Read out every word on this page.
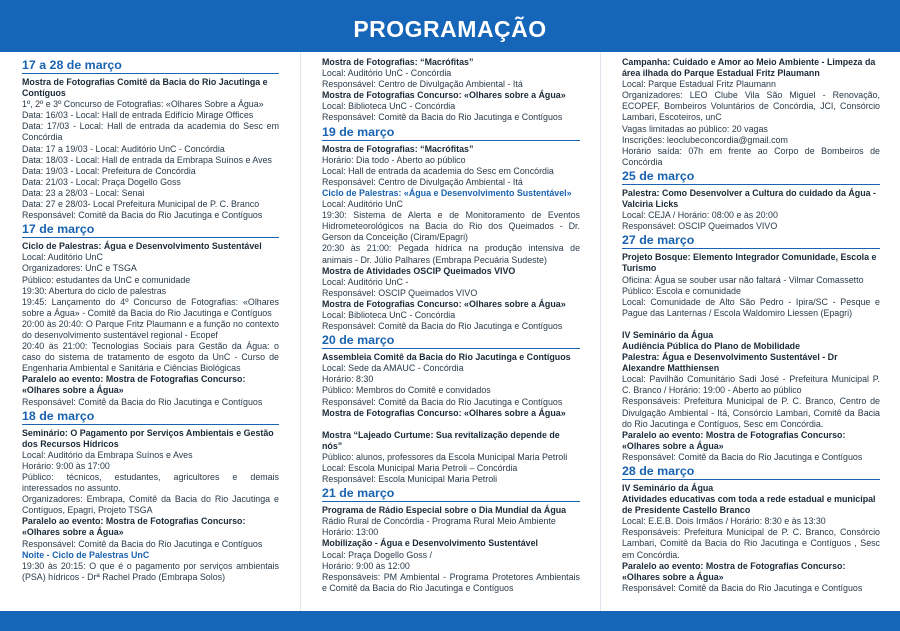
PROGRAMAÇÃO
17 a 28 de março
Mostra de Fotografias Comitê da Bacia do Rio Jacutinga e Contíguos
1º, 2º e 3º Concurso de Fotografias: «Olhares Sobre a Água»
Data: 16/03 - Local: Hall de entrada Edifício Mirage Offices
Data: 17/03 - Local: Hall de entrada da academia do Sesc em Concórdia
Data: 17 a 19/03 - Local: Auditório UnC - Concórdia
Data: 18/03 - Local: Hall de entrada da Embrapa Suínos e Aves
Data: 19/03 - Local: Prefeitura de Concórdia
Data: 21/03 - Local: Praça Dogello Goss
Data: 23 a 28/03 - Local: Senai
Data: 27 e 28/03- Local Prefeitura Municipal de P. C. Branco
Responsável: Comitê da Bacia do Rio Jacutinga e Contíguos
17 de março
Ciclo de Palestras: Água e Desenvolvimento Sustentável
Local: Auditório UnC
Organizadores: UnC e TSGA
Público: estudantes da UnC e comunidade
19:30: Abertura do ciclo de palestras
19:45: Lançamento do 4º Concurso de Fotografias: «Olhares sobre a Água» - Comitê da Bacia do Rio Jacutinga e Contíguos
20:00 às 20:40: O Parque Fritz Plaumann e a função no contexto do desenvolvimento sustentável regional - Ecopef
20:40 às 21:00: Tecnologias Sociais para Gestão da Água: o caso do sistema de tratamento de esgoto da UnC - Curso de Engenharia Ambiental e Sanitária e Ciências Biológicas
Paralelo ao evento: Mostra de Fotografias Concurso: «Olhares sobre a Água»
Responsável: Comitê da Bacia do Rio Jacutinga e Contíguos
18 de março
Seminário: O Pagamento por Serviços Ambientais e Gestão dos Recursos Hídricos
Local: Auditório da Embrapa Suínos e Aves
Horário: 9:00 às 17:00
Público: técnicos, estudantes, agricultores e demais interessados no assunto.
Organizadores: Embrapa, Comitê da Bacia do Rio Jacutinga e Contíguos, Epagri, Projeto TSGA
Paralelo ao evento: Mostra de Fotografias Concurso: «Olhares sobre a Água»
Responsável: Comitê da Bacia do Rio Jacutinga e Contíguos
Noite - Ciclo de Palestras UnC
19:30 às 20:15: O que é o pagamento por serviços ambientais (PSA) hídricos - Drª Rachel Prado (Embrapa Solos)
Mostra de Fotografias: “Macrófitas”
Local: Auditório UnC - Concórdia
Responsável: Centro de Divulgação Ambiental - Itá
Mostra de Fotografias Concurso: «Olhares sobre a Água»
Local: Biblioteca UnC - Concórdia
Responsável: Comitê da Bacia do Rio Jacutinga e Contíguos
19 de março
Mostra de Fotografias: “Macrófitas”
Horário: Dia todo - Aberto ao público
Local: Hall de entrada da academia do Sesc em Concórdia
Responsável: Centro de Divulgação Ambiental - Itá
Ciclo de Palestras: «Água e Desenvolvimento Sustentável»
Local: Auditório UnC
19:30: Sistema de Alerta e de Monitoramento de Eventos Hidrometeorológicos na Bacia do Rio dos Queimados - Dr. Gerson da Conceição (Ciram/Epagri)
20:30 às 21:00: Pegada hídrica na produção intensiva de animais - Dr. Júlio Palhares (Embrapa Pecuária Sudeste)
Mostra de Atividades OSCIP Queimados VIVO
Local: Auditório UnC -
Responsável: OSCIP Queimados VIVO
Mostra de Fotografias Concurso: «Olhares sobre a Água»
Local: Biblioteca UnC - Concórdia
Responsável: Comitê da Bacia do Rio Jacutinga e Contíguos
20 de março
Assembleia Comitê da Bacia do Rio Jacutinga e Contíguos
Local: Sede da AMAUC - Concórdia
Horário: 8:30
Público: Membros do Comitê e convidados
Responsável: Comitê da Bacia do Rio Jacutinga e Contíguos
Mostra de Fotografias Concurso: «Olhares sobre a Água»
Mostra “Lajeado Curtume: Sua revitalização depende de nós”
Público: alunos, professores da Escola Municipal Maria Petroli
Local: Escola Municipal Maria Petroli – Concórdia
Responsável: Escola Municipal Maria Petroli
21 de março
Programa de Rádio Especial sobre o Dia Mundial da Água
Rádio Rural de Concórdia - Programa Rural Meio Ambiente
Horário: 13:00
Mobilização - Água e Desenvolvimento Sustentável
Local: Praça Dogello Goss /
Horário: 9:00 às 12:00
Responsáveis: PM Ambiental - Programa Protetores Ambientais e Comitê da Bacia do Rio Jacutinga e Contíguos
Campanha: Cuidado e Amor ao Meio Ambiente - Limpeza da área ilhada do Parque Estadual Fritz Plaumann
Local: Parque Estadual Fritz Plaumann
Organizadores: LEO Clube Vila São Miguel - Renovação, ECOPEF, Bombeiros Voluntários de Concórdia, JCI, Consórcio Lambari, Escoteiros, unC
Vagas limitadas ao público: 20 vagas
Inscrições: leoclubeconcordia@gmail.com
Horário saída: 07h em frente ao Corpo de Bombeiros de Concórdia
25 de março
Palestra: Como Desenvolver a Cultura do cuidado da Água - Valciria Licks
Local: CEJA / Horário: 08:00 e às 20:00
Responsável: OSCIP Queimados VIVO
27 de março
Projeto Bosque: Elemento Integrador Comunidade, Escola e Turismo
Oficina: Água se souber usar não faltará - Vilmar Comassetto
Público: Escola e comunidade
Local: Comunidade de Alto São Pedro - Ipira/SC - Pesque e Pague das Lanternas / Escola Waldomiro Liessen (Epagri)
IV Seminário da Água
Audiência Pública do Plano de Mobilidade
Palestra: Água e Desenvolvimento Sustentável - Dr Alexandre Matthiensen
Local: Pavilhão Comunitário Sadi José - Prefeitura Municipal P. C. Branco / Horário: 19:00 - Aberto ao público
Responsáveis: Prefeitura Municipal de P. C. Branco, Centro de Divulgação Ambiental - Itá, Consórcio Lambari, Comitê da Bacia do Rio Jacutinga e Contíguos, Sesc em Concórdia.
Paralelo ao evento: Mostra de Fotografias Concurso: «Olhares sobre a Água»
Responsável: Comitê da Bacia do Rio Jacutinga e Contíguos
28 de março
IV Seminário da Água
Atividades educativas com toda a rede estadual e municipal de Presidente Castello Branco
Local: E.E.B. Dois Irmãos / Horário: 8:30 e às 13:30
Responsáveis: Prefeitura Municipal de P. C. Branco, Consórcio Lambari, Comitê da Bacia do Rio Jacutinga e Contíguos , Sesc em Concórdia.
Paralelo ao evento: Mostra de Fotografias Concurso: «Olhares sobre a Água»
Responsável: Comitê da Bacia do Rio Jacutinga e Contíguos
